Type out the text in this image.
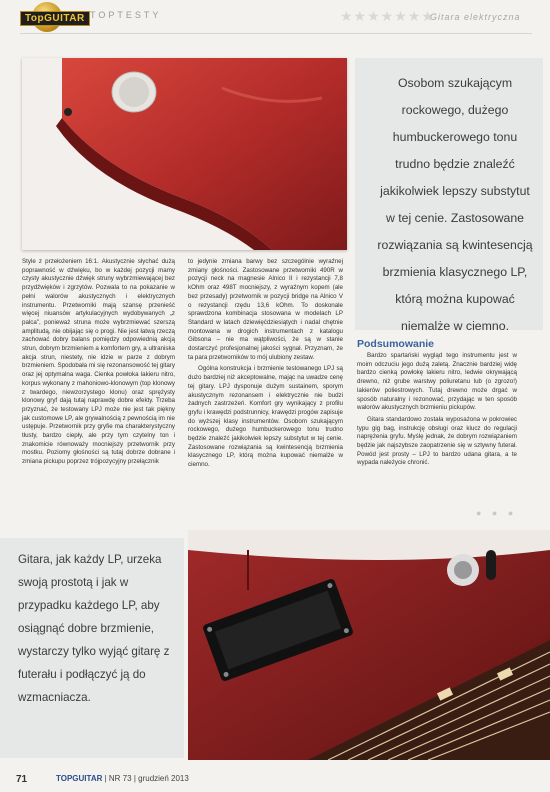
TopGUITAR TOPTESTY	★★★★★★★
Gitara elektryczna
Osobom szukającym rockowego, dużego humbuckerowego tonu trudno będzie znaleźć jakikolwiek lepszy substytut w tej cenie. Zastosowane rozwiązania są kwintesencją brzmienia klasycznego LP, którą można kupować niemalże w ciemno.

Style z przełożeniem 16:1. Akustycznie słychać dużą poprawność w dźwięku, bo w każdej pozycji mamy czysty akustycznie dźwięk struny wybrzmiewającej bez przydźwięków i zgrzytów. Pozwala to na pokazanie w pełni walorów akustycznych i elektrycznych instrumentu. Przetworniki mają szansę przenieść więcej niuansów artykulacyjnych wydobywanych „z palca", ponieważ struna może wybrzmiewać szerszą amplitudą, nie obijając się o progi. Nie jest łatwą rzeczą zachować dobry balans pomiędzy odpowiednią akcją strun, dobrym brzmieniem a komfortem gry, a ultraniska akcja strun, niestety, nie idzie w parze z dobrym brzmieniem. Spodobała mi się rezonansowość tej gitary oraz jej optymalna waga. Cienka powłoka lakieru nitro, korpus wykonany z mahoniowo-klonowym (top klonowy z twardego, niewzorzystego klonu) oraz sprężysty klonowy gryf dają tutaj naprawdę dobre efekty. Trzeba przyznać, że testowany LPJ może nie jest tak piękny jak customowe LP, ale grywalnością z pewnością im nie ustępuje. Przetwornik przy gryfie ma charakterystyczny tłusty, bardzo ciepły, ale przy tym czytelny ton i znakomicie równoważy mocniejszy przetwornik przy mostku. Poziomy głośności są tutaj dobrze dobrane i zmiana pickupu poprzez trójpozycyjny przełącznik

to jedynie zmiana barwy bez szczególnie wyraźnej zmiany głośności. Zastosowane przetworniki 490R w pozycji neck na magnesie Alnico II i rezystancji 7,8 kOhm oraz 498T mocniejszy, z wyraźnym kopem (ale bez przesady) przetwornik w pozycji bridge na Alnico V o rezystancji rzędu 13,6 kOhm. To doskonale sprawdzona kombinacja stosowana w modelach LP Standard w latach dziewięćdziesiątych i nadal chętnie montowana w drogich instrumentach z katalogu Gibsona – nie ma wątpliwości, że są w stanie dostarczyć profesjonalnej jakości sygnał. Przyznam, że ta para przetworników to mój ulubiony zestaw.

Ogólna konstrukcja i brzmienie testowanego LPJ są dużo bardziej niż akceptowalne, mając na uwadze cenę tej gitary. LPJ dysponuje dużym sustainem, sporym akustycznym rezonansem i elektrycznie nie budzi żadnych zastrzeżeń. Komfort gry wynikający z profilu gryfu i krawędzi podstrunnicy, krawędzi progów zapisuje do wyższej klasy instrumentów. Osobom szukającym rockowego, dużego humbuckerowego tonu trudno będzie znaleźć jakikolwiek lepszy substytut w tej cenie. Zastosowane rozwiązania są kwintesencją brzmienia klasycznego LP, którą można kupować niemalże w ciemno.

Podsumowanie

Bardzo spartański wygląd tego instrumentu jest w moim odczuciu jego dużą zaletą. Znacznie bardziej widę bardzo cienką powłokę lakieru nitro, ledwie okrywającą drewno, niż grube warstwy poliuretanu lub (o zgrozo!) lakierów poliestrowych. Tutaj drewno może drgać w sposób naturalny i rezonować, przydając w ten sposób walorów akustycznych brzmieniu pickupów.

Gitara standardowo została wyposażona w pokrowiec typu gig bag, instrukcję obsługi oraz klucz do regulacji naprężenia gryfu. Myślę jednak, że dobrym rozwiązaniem będzie jak najszybsze zaopatrzenie się w sztywny futerał. Powód jest prosty – LPJ to bardzo udana gitara, a te wypada należycie chronić.

● ● ●
Gitara, jak każdy LP, urzeka swoją prostotą i jak w przypadku każdego LP, aby osiągnąć dobre brzmienie, wystarczy tylko wyjąć gitarę z futerału i podłączyć ją do wzmacniacza.
71	TOPGUITAR | NR 73 | grudzień 2013
